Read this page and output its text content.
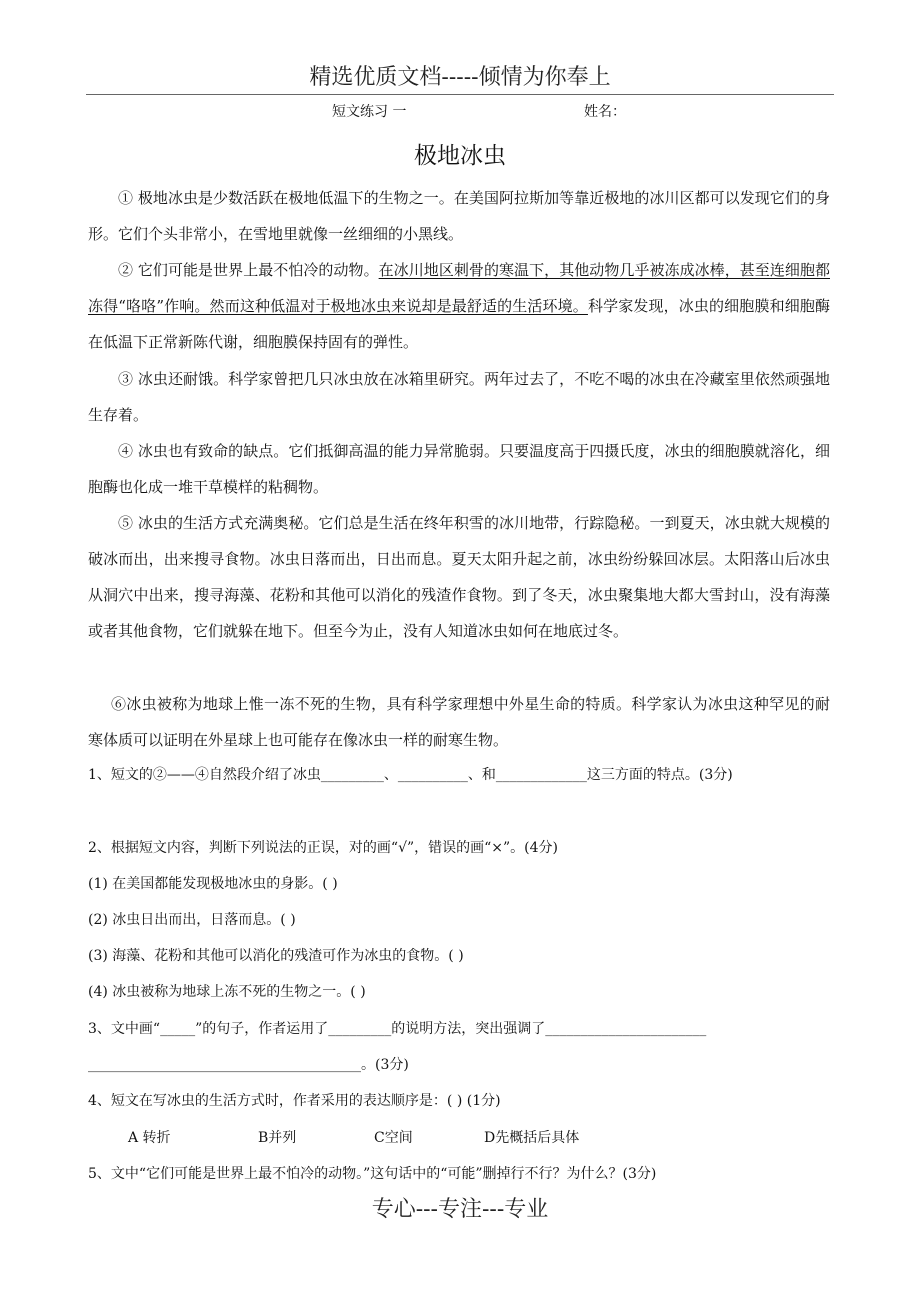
精选优质文档-----倾情为你奉上
短文练习 一	姓名：
极地冰虫
① 极地冰虫是少数活跃在极地低温下的生物之一。在美国阿拉斯加等靠近极地的冰川区都可以发现它们的身形。它们个头非常小，在雪地里就像一丝细细的小黑线。
② 它们可能是世界上最不怕冷的动物。在冰川地区刺骨的寒温下，其他动物几乎被冻成冰棒，甚至连细胞都冻得“咯咯”作响。然而这种低温对于极地冰虫来说却是最舒适的生活环境。科学家发现，冰虫的细胞膜和细胞酶在低温下正常新陈代谢，细胞膜保持固有的弹性。
③ 冰虫还耐饿。科学家曾把几只冰虫放在冰箱里研究。两年过去了，不吃不喝的冰虫在冷藏室里依然顽强地生存着。
④ 冰虫也有致命的缺点。它们抵御高温的能力异常脆弱。只要温度高于四摄氏度，冰虫的细胞膜就溶化，细胞酶也化成一堆干草模样的粘稠物。
⑤ 冰虫的生活方式充满奥秘。它们总是生活在终年积雪的冰川地带，行踪隐秘。一到夏天，冰虫就大规模的破冰而出，出来搜寻食物。冰虫日落而出，日出而息。夏天太阳升起之前，冰虫纷纷躲回冰层。太阳落山后冰虫从洞穴中出来，搜寻海藻、花粉和其他可以消化的残渣作食物。到了冬天，冰虫聚集地大都大雪封山，没有海藻或者其他食物，它们就躲在地下。但至今为止，没有人知道冰虫如何在地底过冬。
⑥冰虫被称为地球上惟一冻不死的生物，具有科学家理想中外星生命的特质。科学家认为冰虫这种罕见的耐寒体质可以证明在外星球上也可能存在像冰虫一样的耐寒生物。
1、短文的②——④自然段介绍了冰虫_________、__________、和_____________这三方面的特点。(3分)
2、根据短文内容，判断下列说法的正误，对的画“√”，错误的画“×”。(4分)
(1) 在美国都能发现极地冰虫的身影。( )
(2) 冰虫日出而出，日落而息。( )
(3) 海藻、花粉和其他可以消化的残渣可作为冰虫的食物。( )
(4) 冰虫被称为地球上冻不死的生物之一。( )
3、文中画“_____”的句子，作者运用了_________的说明方法，突出强调了_______________________
_______________________________________。(3分)
4、短文在写冰虫的生活方式时，作者采用的表达顺序是：( ) (1分)
A 转折	B并列	C空间	D先概括后具体
5、文中“它们可能是世界上最不怕冷的动物。”这句话中的“可能”删掉行不行？为什么？(3分)
专心---专注---专业
